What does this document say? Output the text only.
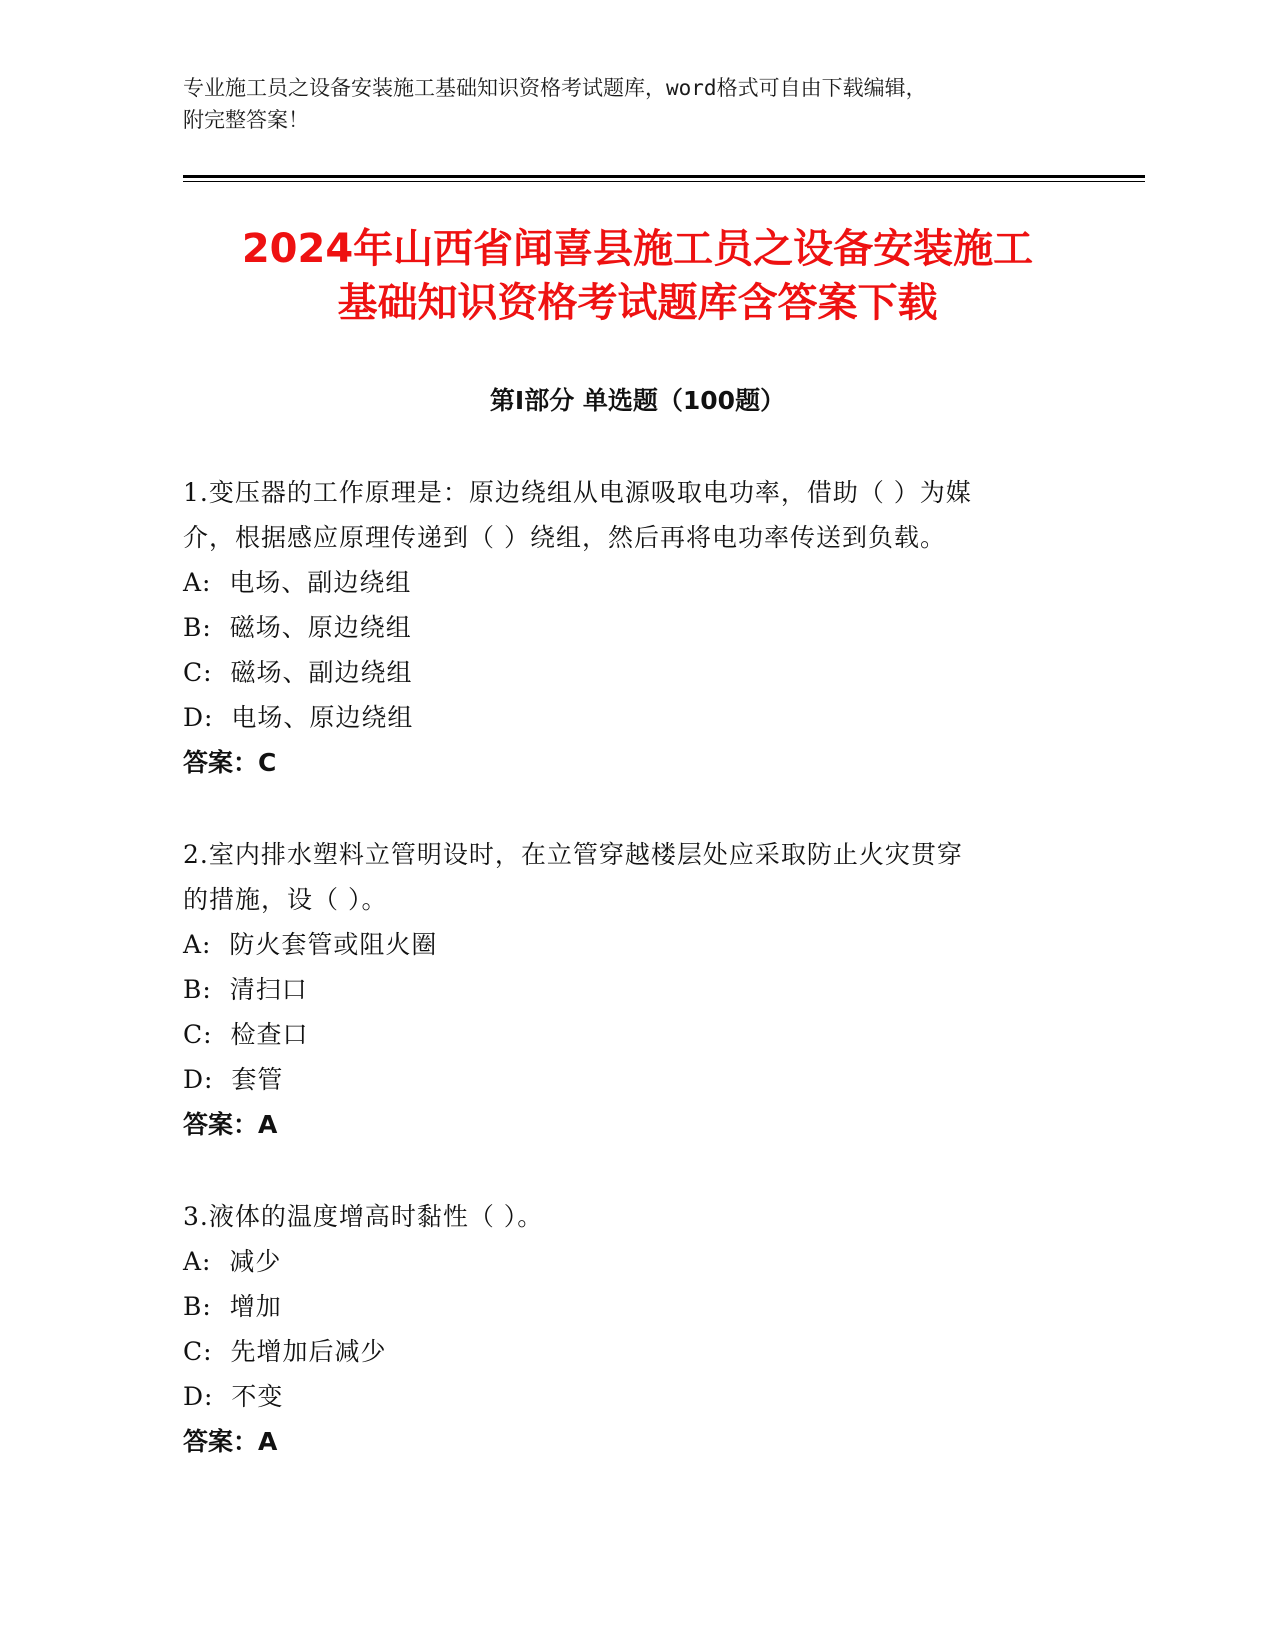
专业施工员之设备安装施工基础知识资格考试题库，word格式可自由下载编辑，
附完整答案！
2024年山西省闻喜县施工员之设备安装施工
基础知识资格考试题库含答案下载
第Ⅰ部分 单选题（100题）

1.变压器的工作原理是：原边绕组从电源吸取电功率，借助（ ）为媒

介，根据感应原理传递到（ ）绕组，然后再将电功率传送到负载。

A:  电场、副边绕组

B:  磁场、原边绕组

C:  磁场、副边绕组

D:  电场、原边绕组

答案：C

2.室内排水塑料立管明设时，在立管穿越楼层处应采取防止火灾贯穿

的措施，设（ ）。

A:  防火套管或阻火圈

B:  清扫口

C:  检查口

D:  套管

答案：A

3.液体的温度增高时黏性（ ）。

A:  减少

B:  增加

C:  先增加后减少

D:  不变

答案：A
